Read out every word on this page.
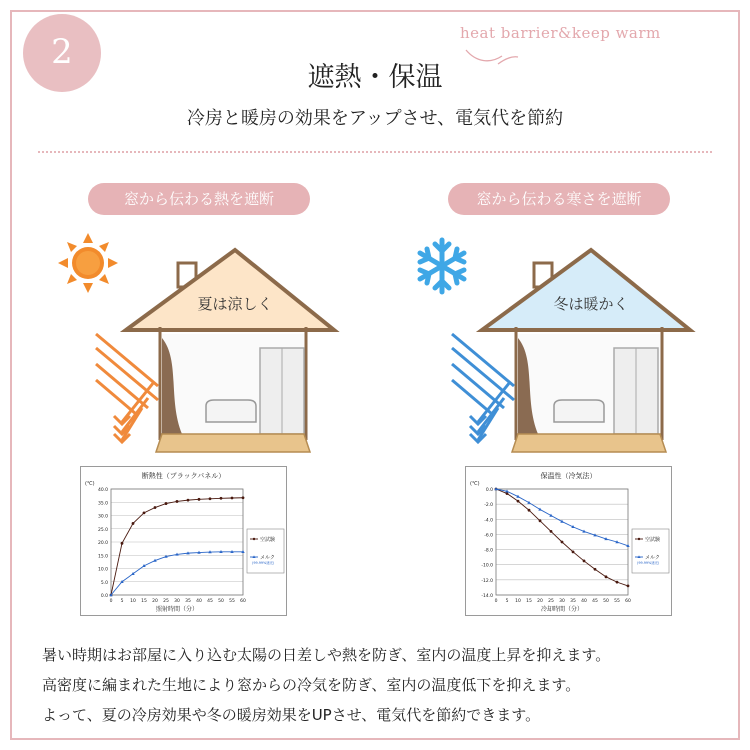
2	heat barrier&keep warm
遮熱・保温
冷房と暖房の効果をアップさせ、電気代を節約
窓から伝わる熱を遮断	窓から伝わる寒さを遮断
夏は涼しく	冬は暖かく
断熱性（ブラックパネル）
(℃)
40.0
35.0
30.0
25.0
20.0
15.0
10.0
5.0
0.0
0 5 10 15 20 25 30 35 40 45 50 55 60
照射時間（分）
空試験
メルク
(99.99%遮光)
保温性（冷気法）
(℃)
0.0
-2.0
-4.0
-6.0
-8.0
-10.0
-12.0
-14.0
0 5 10 15 20 25 30 35 40 45 50 55 60
冷却時間（分）
空試験
メルク
(99.99%遮光)

暑い時期はお部屋に入り込む太陽の日差しや熱を防ぎ、室内の温度上昇を抑えます。

高密度に編まれた生地により窓からの冷気を防ぎ、室内の温度低下を抑えます。

よって、夏の冷房効果や冬の暖房効果をUPさせ、電気代を節約できます。
